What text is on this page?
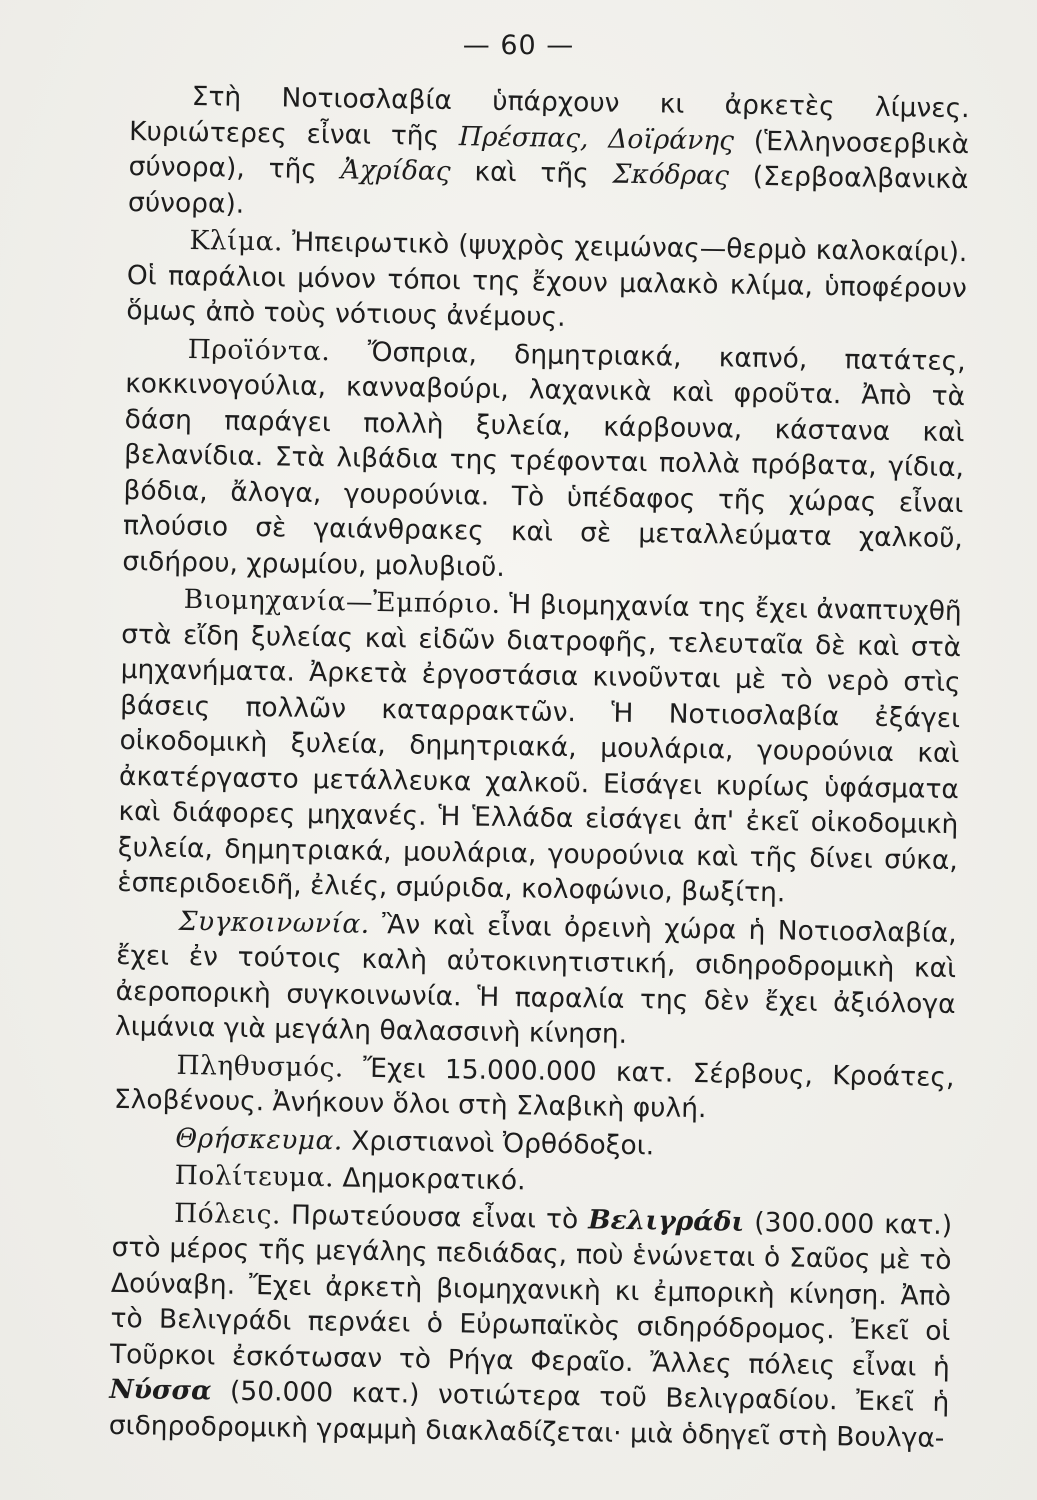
— 60 —

Στὴ Νοτιοσλαβία ὑπάρχουν κι ἀρκετὲς λίμνες. Κυριώτερες εἶναι τῆς Πρέσπας, Δοϊράνης (Ἑλληνοσερβικὰ σύνορα), τῆς Ἀχρίδας καὶ τῆς Σκόδρας (Σερβοαλβανικὰ σύνορα).

Κλίμα. Ἠπειρωτικὸ (ψυχρὸς χειμώνας—θερμὸ καλοκαίρι). Οἱ παράλιοι μόνον τόποι της ἔχουν μαλακὸ κλίμα, ὑποφέρουν ὅμως ἀπὸ τοὺς νότιους ἀνέμους.

Προϊόντα. Ὄσπρια, δημητριακά, καπνό, πατάτες, κοκκινογούλια, κανναβούρι, λαχανικὰ καὶ φροῦτα. Ἀπὸ τὰ δάση παράγει πολλὴ ξυλεία, κάρβουνα, κάστανα καὶ βελανίδια. Στὰ λιβάδια της τρέφονται πολλὰ πρόβατα, γίδια, βόδια, ἄλογα, γουρούνια. Τὸ ὑπέδαφος τῆς χώρας εἶναι πλούσιο σὲ γαιάνθρακες καὶ σὲ μεταλλεύματα χαλκοῦ, σιδήρου, χρωμίου, μολυβιοῦ.

Βιομηχανία—Ἐμπόριο. Ἡ βιομηχανία της ἔχει ἀναπτυχθῆ στὰ εἴδη ξυλείας καὶ εἰδῶν διατροφῆς, τελευταῖα δὲ καὶ στὰ μηχανήματα. Ἀρκετὰ ἐργοστάσια κινοῦνται μὲ τὸ νερὸ στὶς βάσεις πολλῶν καταρρακτῶν. Ἡ Νοτιοσλαβία ἐξάγει οἰκοδομικὴ ξυλεία, δημητριακά, μουλάρια, γουρούνια καὶ ἀκατέργαστο μετάλλευκα χαλκοῦ. Εἰσάγει κυρίως ὑφάσματα καὶ διάφορες μηχανές. Ἡ Ἑλλάδα εἰσάγει ἀπ' ἐκεῖ οἰκοδομικὴ ξυλεία, δημητριακά, μουλάρια, γουρούνια καὶ τῆς δίνει σύκα, ἑσπεριδοειδῆ, ἐλιές, σμύριδα, κολοφώνιο, βωξίτη.

Συγκοινωνία. Ἂν καὶ εἶναι ὀρεινὴ χώρα ἡ Νοτιοσλαβία, ἔχει ἐν τούτοις καλὴ αὐτοκινητιστική, σιδηροδρομικὴ καὶ ἀεροπορικὴ συγκοινωνία. Ἡ παραλία της δὲν ἔχει ἀξιόλογα λιμάνια γιὰ μεγάλη θαλασσινὴ κίνηση.

Πληθυσμός. Ἔχει 15.000.000 κατ. Σέρβους, Κροάτες, Σλοβένους. Ἀνήκουν ὅλοι στὴ Σλαβικὴ φυλή.

Θρήσκευμα. Χριστιανοὶ Ὀρθόδοξοι.

Πολίτευμα. Δημοκρατικό.

Πόλεις. Πρωτεύουσα εἶναι τὸ Βελιγράδι (300.000 κατ.) στὸ μέρος τῆς μεγάλης πεδιάδας, ποὺ ἑνώνεται ὁ Σαῦος μὲ τὸ Δούναβη. Ἔχει ἀρκετὴ βιομηχανικὴ κι ἐμπορικὴ κίνηση. Ἀπὸ τὸ Βελιγράδι περνάει ὁ Εὐρωπαϊκὸς σιδηρόδρομος. Ἐκεῖ οἱ Τοῦρκοι ἐσκότωσαν τὸ Ρήγα Φεραῖο. Ἄλλες πόλεις εἶναι ἡ Νύσσα (50.000 κατ.) νοτιώτερα τοῦ Βελιγραδίου. Ἐκεῖ ἡ σιδηροδρομικὴ γραμμὴ διακλαδίζεται· μιὰ ὁδηγεῖ στὴ Βουλγα-
